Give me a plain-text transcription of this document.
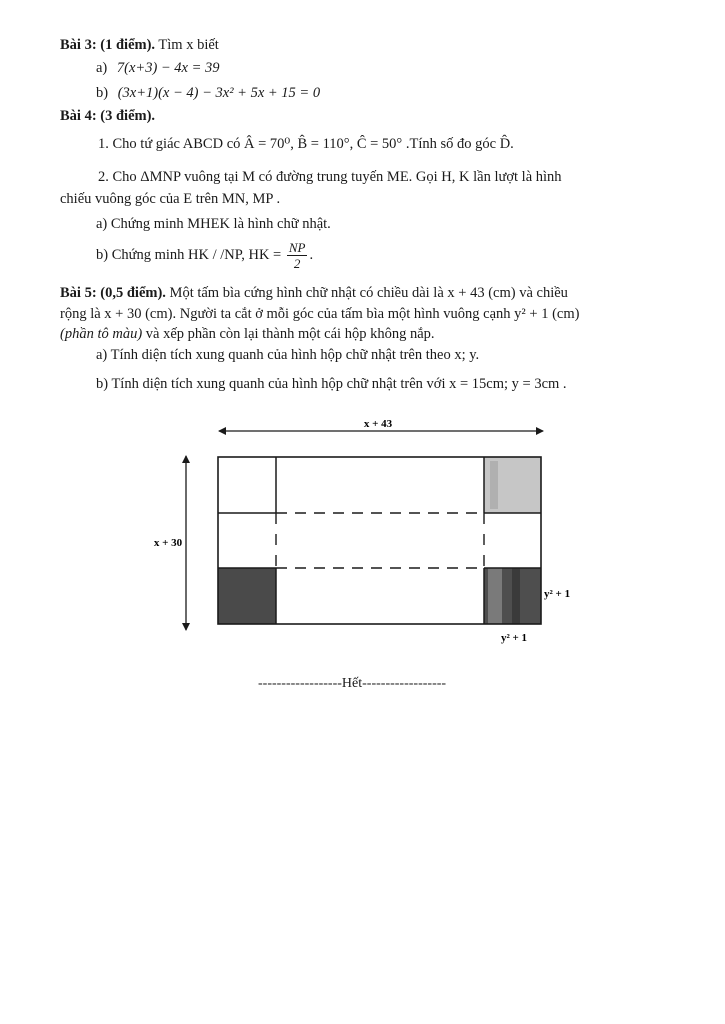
Bài 3: (1 điểm). Tìm x biết
a) 7(x+3) − 4x = 39
b) (3x+1)(x − 4) − 3x² + 5x + 15 = 0
Bài 4: (3 điểm).
1. Cho tứ giác ABCD có Â = 70⁰, B̂ = 110°, Ĉ = 50° .Tính số đo góc D̂.
2. Cho ΔMNP vuông tại M có đường trung tuyến ME. Gọi H, K lần lượt là hình
chiếu vuông góc của E trên MN, MP .
a) Chứng minh MHEK là hình chữ nhật.
b) Chứng minh HK / /NP, HK = $\frac{NP}{2}$ .
Bài 5: (0,5 điểm). Một tấm bìa cứng hình chữ nhật có chiều dài là x + 43 (cm) và chiều
rộng là x + 30 (cm). Người ta cắt ở mỗi góc của tấm bìa một hình vuông cạnh y² + 1 (cm)
(phần tô màu) và xếp phần còn lại thành một cái hộp không nắp.
a) Tính diện tích xung quanh của hình hộp chữ nhật trên theo x; y.
b) Tính diện tích xung quanh của hình hộp chữ nhật trên với x = 15cm; y = 3cm .
x + 43
x + 30
y² + 1
y² + 1
------------------Hết------------------
